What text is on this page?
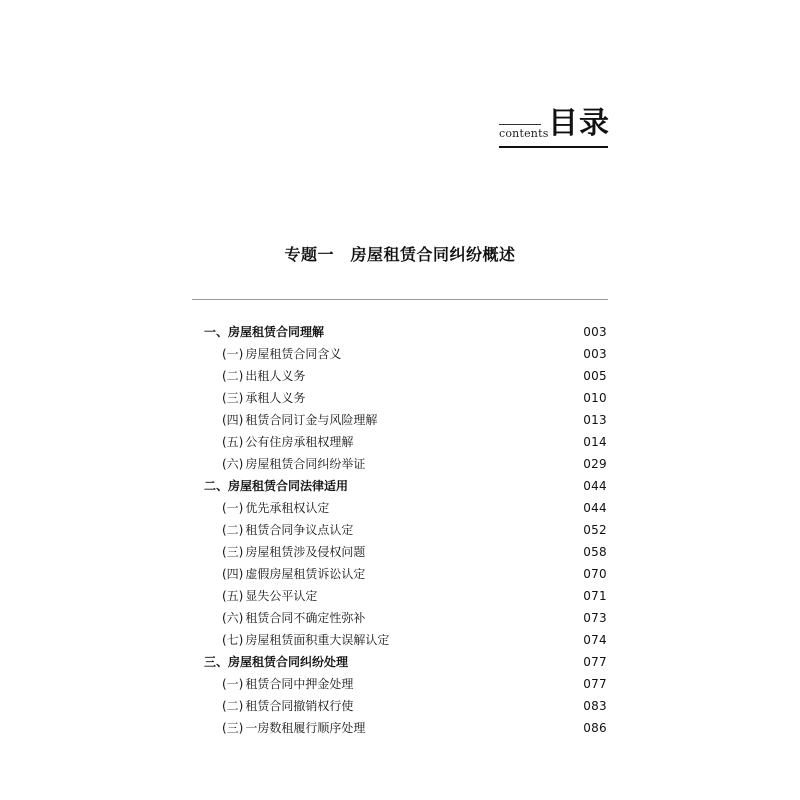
contents 目录
专题一　房屋租赁合同纠纷概述
一、房屋租赁合同理解	003
(一) 房屋租赁合同含义	003
(二) 出租人义务	005
(三) 承租人义务	010
(四) 租赁合同订金与风险理解	013
(五) 公有住房承租权理解	014
(六) 房屋租赁合同纠纷举证	029
二、房屋租赁合同法律适用	044
(一) 优先承租权认定	044
(二) 租赁合同争议点认定	052
(三) 房屋租赁涉及侵权问题	058
(四) 虚假房屋租赁诉讼认定	070
(五) 显失公平认定	071
(六) 租赁合同不确定性弥补	073
(七) 房屋租赁面积重大误解认定	074
三、房屋租赁合同纠纷处理	077
(一) 租赁合同中押金处理	077
(二) 租赁合同撤销权行使	083
(三) 一房数租履行顺序处理	086
